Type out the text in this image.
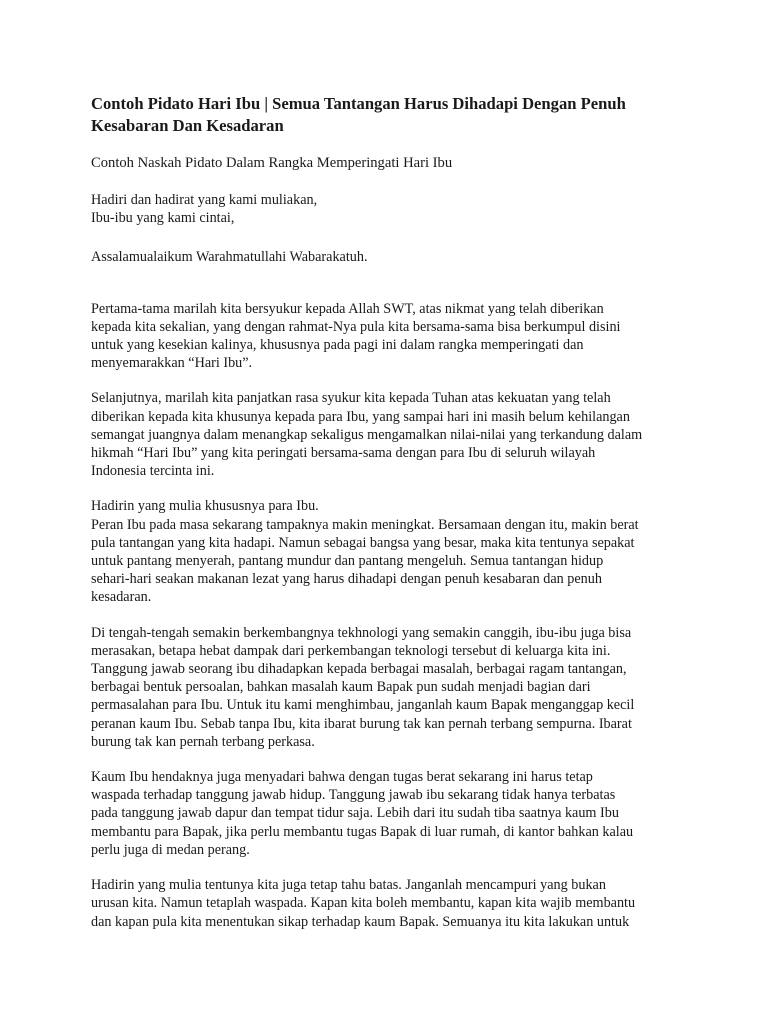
Contoh Pidato Hari Ibu | Semua Tantangan Harus Dihadapi Dengan Penuh
Kesabaran Dan Kesadaran
Contoh Naskah Pidato Dalam Rangka Memperingati Hari Ibu
Hadiri dan hadirat yang kami muliakan,
Ibu-ibu yang kami cintai,
Assalamualaikum Warahmatullahi Wabarakatuh.
Pertama-tama marilah kita bersyukur kepada Allah SWT, atas nikmat yang telah diberikan
kepada kita sekalian, yang dengan rahmat-Nya pula kita bersama-sama bisa berkumpul disini
untuk yang kesekian kalinya, khususnya pada pagi ini dalam rangka memperingati dan
menyemarakkan “Hari Ibu”.
Selanjutnya, marilah kita panjatkan rasa syukur kita kepada Tuhan atas kekuatan yang telah
diberikan kepada kita khusunya kepada para Ibu, yang sampai hari ini masih belum kehilangan
semangat juangnya dalam menangkap sekaligus mengamalkan nilai-nilai yang terkandung dalam
hikmah “Hari Ibu” yang kita peringati bersama-sama dengan para Ibu di seluruh wilayah
Indonesia tercinta ini.
Hadirin yang mulia khususnya para Ibu.
Peran Ibu pada masa sekarang tampaknya makin meningkat. Bersamaan dengan itu, makin berat
pula tantangan yang kita hadapi. Namun sebagai bangsa yang besar, maka kita tentunya sepakat
untuk pantang menyerah, pantang mundur dan pantang mengeluh. Semua tantangan hidup
sehari-hari seakan makanan lezat yang harus dihadapi dengan penuh kesabaran dan penuh
kesadaran.
Di tengah-tengah semakin berkembangnya tekhnologi yang semakin canggih, ibu-ibu juga bisa
merasakan, betapa hebat dampak dari perkembangan teknologi tersebut di keluarga kita ini.
Tanggung jawab seorang ibu dihadapkan kepada berbagai masalah, berbagai ragam tantangan,
berbagai bentuk persoalan, bahkan masalah kaum Bapak pun sudah menjadi bagian dari
permasalahan para Ibu. Untuk itu kami menghimbau, janganlah kaum Bapak menganggap kecil
peranan kaum Ibu. Sebab tanpa Ibu, kita ibarat burung tak kan pernah terbang sempurna. Ibarat
burung tak kan pernah terbang perkasa.
Kaum Ibu hendaknya juga menyadari bahwa dengan tugas berat sekarang ini harus tetap
waspada terhadap tanggung jawab hidup. Tanggung jawab ibu sekarang tidak hanya terbatas
pada tanggung jawab dapur dan tempat tidur saja. Lebih dari itu sudah tiba saatnya kaum Ibu
membantu para Bapak, jika perlu membantu tugas Bapak di luar rumah, di kantor bahkan kalau
perlu juga di medan perang.
Hadirin yang mulia tentunya kita juga tetap tahu batas. Janganlah mencampuri yang bukan
urusan kita. Namun tetaplah waspada. Kapan kita boleh membantu, kapan kita wajib membantu
dan kapan pula kita menentukan sikap terhadap kaum Bapak. Semuanya itu kita lakukan untuk
